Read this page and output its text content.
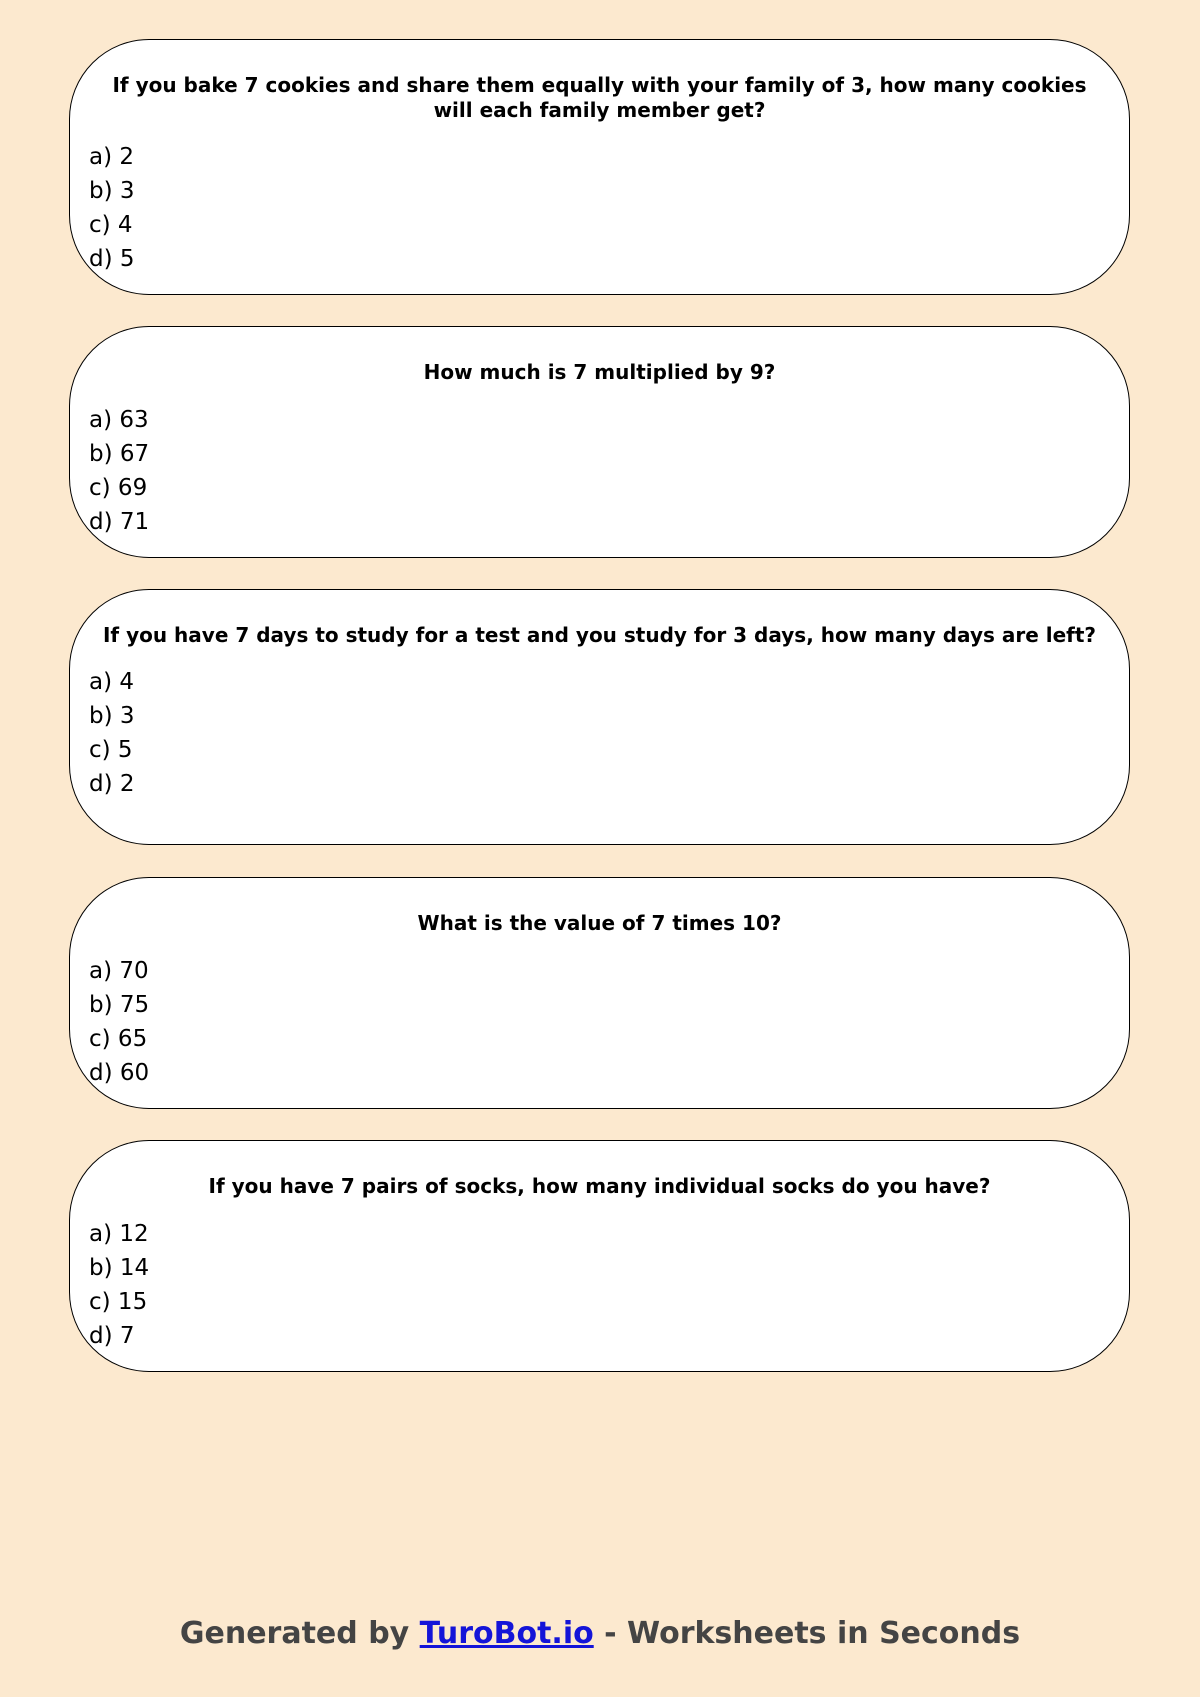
If you bake 7 cookies and share them equally with your family of 3, how many cookies will each family member get?
a) 2
b) 3
c) 4
d) 5
How much is 7 multiplied by 9?
a) 63
b) 67
c) 69
d) 71
If you have 7 days to study for a test and you study for 3 days, how many days are left?
a) 4
b) 3
c) 5
d) 2
What is the value of 7 times 10?
a) 70
b) 75
c) 65
d) 60
If you have 7 pairs of socks, how many individual socks do you have?
a) 12
b) 14
c) 15
d) 7
Generated by TuroBot.io - Worksheets in Seconds
